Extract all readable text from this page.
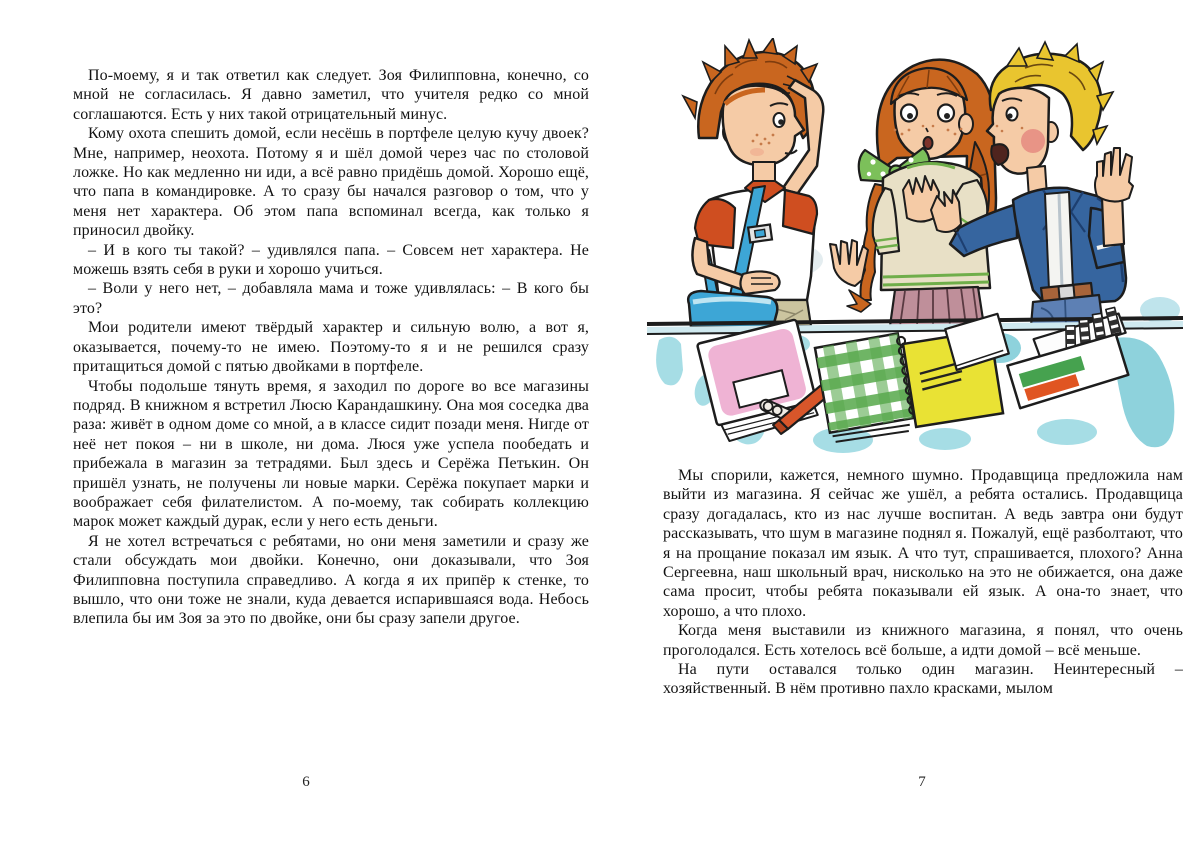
По-моему, я и так ответил как следует. Зоя Филипповна, конечно, со мной не согласилась. Я давно заметил, что учителя редко со мной соглашаются. Есть у них такой отрицательный минус.

Кому охота спешить домой, если несёшь в портфеле целую кучу двоек? Мне, например, неохота. Потому я и шёл домой через час по столовой ложке. Но как медленно ни иди, а всё равно придёшь домой. Хорошо ещё, что папа в командировке. А то сразу бы начался разговор о том, что у меня нет характера. Об этом папа вспоминал всегда, как только я приносил двойку.

– И в кого ты такой? – удивлялся папа. – Совсем нет характера. Не можешь взять себя в руки и хорошо учиться.

– Воли у него нет, – добавляла мама и тоже удивлялась: – В кого бы это?

Мои родители имеют твёрдый характер и сильную волю, а вот я, оказывается, почему-то не имею. Поэтому-то я и не решился сразу притащиться домой с пятью двойками в портфеле.

Чтобы подольше тянуть время, я заходил по дороге во все магазины подряд. В книжном я встретил Люсю Карандашкину. Она моя соседка два раза: живёт в одном доме со мной, а в классе сидит позади меня. Нигде от неё нет покоя – ни в школе, ни дома. Люся уже успела пообедать и прибежала в магазин за тетрадями. Был здесь и Серёжа Петькин. Он пришёл узнать, не получены ли новые марки. Серёжа покупает марки и воображает себя филателистом. А по-моему, так собирать коллекцию марок может каждый дурак, если у него есть деньги.

Я не хотел встречаться с ребятами, но они меня заметили и сразу же стали обсуждать мои двойки. Конечно, они доказывали, что Зоя Филипповна поступила справедливо. А когда я их припёр к стенке, то вышло, что они тоже не знали, куда девается испарившаяся вода. Небось влепила бы им Зоя за это по двойке, они бы сразу запели другое.

6

Мы спорили, кажется, немного шумно. Продавщица предложила нам выйти из магазина. Я сейчас же ушёл, а ребята остались. Продавщица сразу догадалась, кто из нас лучше воспитан. А ведь завтра они будут рассказывать, что шум в магазине поднял я. Пожалуй, ещё разболтают, что я на прощание показал им язык. А что тут, спрашивается, плохого? Анна Сергеевна, наш школьный врач, нисколько на это не обижается, она даже сама просит, чтобы ребята показывали ей язык. А она-то знает, что хорошо, а что плохо.

Когда меня выставили из книжного магазина, я понял, что очень проголодался. Есть хотелось всё больше, а идти домой – всё меньше.

На пути оставался только один магазин. Неинтересный – хозяйственный. В нём противно пахло красками, мылом

7
